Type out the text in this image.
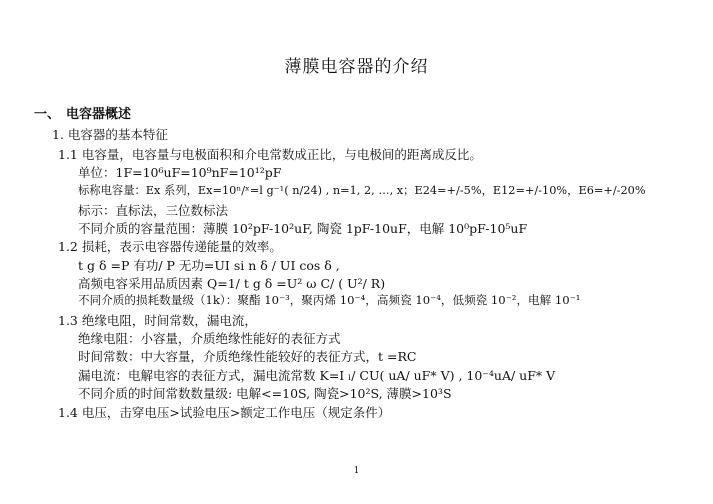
薄膜电容器的介绍
一、 电容器概述
1. 电容器的基本特征
1.1 电容量，电容量与电极面积和介电常数成正比，与电极间的距离成反比。
单位：1F=10⁶uF=10⁹nF=10¹²pF
标称电容量：Ex 系列，Ex=10ⁿ/ˣ=l g⁻¹( n/24) , n=1, 2, …, x；E24=+/-5%，E12=+/-10%，E6=+/-20%
标示：直标法，三位数标法
不同介质的容量范围：薄膜 10²pF-10²uF, 陶瓷 1pF-10uF，电解 10⁰pF-10⁵uF
1.2 损耗，表示电容器传递能量的效率。
t g δ =P 有功/ P 无功=UI si n δ / UI cos δ ,
高频电容采用品质因素 Q=1/ t g δ =U² ω C/ ( U²/ R)
不同介质的损耗数量级（1k）：聚酯 10⁻³，聚丙烯 10⁻⁴，高频瓷 10⁻⁴，低频瓷 10⁻²，电解 10⁻¹
1.3 绝缘电阻，时间常数，漏电流，
绝缘电阻：小容量，介质绝缘性能好的表征方式
时间常数：中大容量，介质绝缘性能较好的表征方式，t =RC
漏电流：电解电容的表征方式，漏电流常数 K=I ₗ/ CU( uA/ uF* V) , 10⁻⁴uA/ uF* V
不同介质的时间常数数量级: 电解<=10S, 陶瓷>10²S, 薄膜>10³S
1.4 电压，击穿电压>试验电压>额定工作电压（规定条件）
1
